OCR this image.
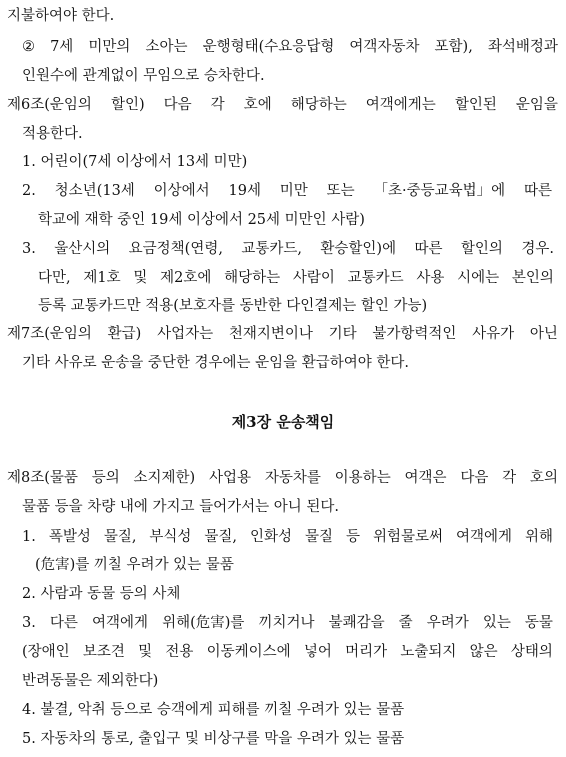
지불하여야 한다.
② 7세 미만의 소아는 운행형태(수요응답형 여객자동차 포함), 좌석배정과
인원수에 관계없이 무임으로 승차한다.
제6조(운임의 할인) 다음 각 호에 해당하는 여객에게는 할인된 운임을
적용한다.
1. 어린이(7세 이상에서 13세 미만)
2. 청소년(13세 이상에서 19세 미만 또는 「초·중등교육법」에 따른
학교에 재학 중인 19세 이상에서 25세 미만인 사람)
3. 울산시의 요금정책(연령, 교통카드, 환승할인)에 따른 할인의 경우.
다만, 제1호 및 제2호에 해당하는 사람이 교통카드 사용 시에는 본인의
등록 교통카드만 적용(보호자를 동반한 다인결제는 할인 가능)
제7조(운임의 환급) 사업자는 천재지변이나 기타 불가항력적인 사유가 아닌
기타 사유로 운송을 중단한 경우에는 운임을 환급하여야 한다.
제3장 운송책임
제8조(물품 등의 소지제한) 사업용 자동차를 이용하는 여객은 다음 각 호의
물품 등을 차량 내에 가지고 들어가서는 아니 된다.
1. 폭발성 물질, 부식성 물질, 인화성 물질 등 위험물로써 여객에게 위해
(危害)를 끼칠 우려가 있는 물품
2. 사람과 동물 등의 사체
3. 다른 여객에게 위해(危害)를 끼치거나 불쾌감을 줄 우려가 있는 동물
(장애인 보조견 및 전용 이동케이스에 넣어 머리가 노출되지 않은 상태의
반려동물은 제외한다)
4. 불결, 악취 등으로 승객에게 피해를 끼칠 우려가 있는 물품
5. 자동차의 통로, 출입구 및 비상구를 막을 우려가 있는 물품
